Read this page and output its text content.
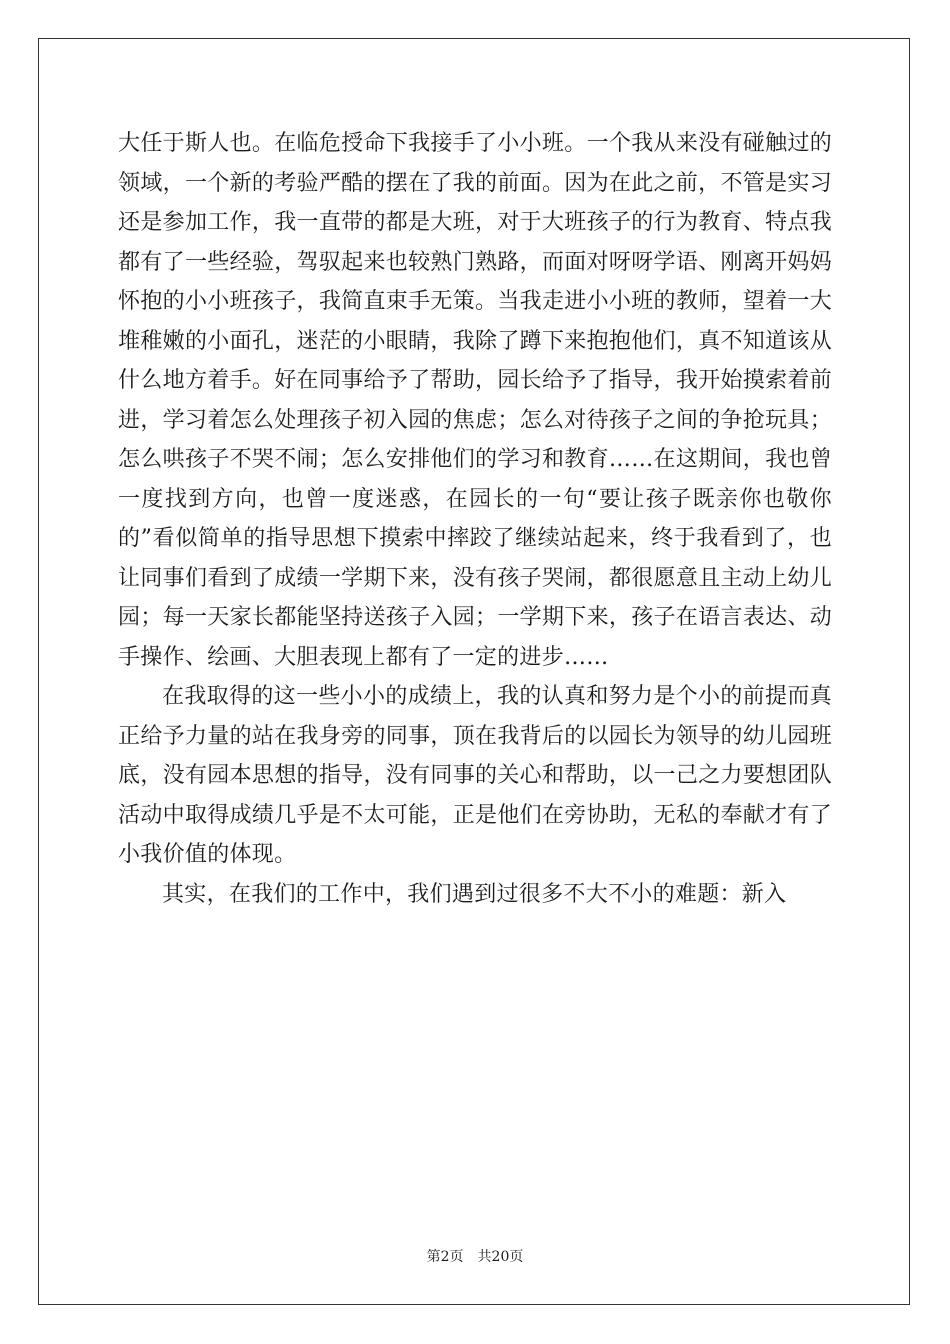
大任于斯人也。在临危授命下我接手了小小班。一个我从来没有碰触过的领域，一个新的考验严酷的摆在了我的前面。因为在此之前，不管是实习还是参加工作，我一直带的都是大班，对于大班孩子的行为教育、特点我都有了一些经验，驾驭起来也较熟门熟路，而面对呀呀学语、刚离开妈妈怀抱的小小班孩子，我简直束手无策。当我走进小小班的教师，望着一大堆稚嫩的小面孔，迷茫的小眼睛，我除了蹲下来抱抱他们，真不知道该从什么地方着手。好在同事给予了帮助，园长给予了指导，我开始摸索着前进，学习着怎么处理孩子初入园的焦虑；怎么对待孩子之间的争抢玩具；怎么哄孩子不哭不闹；怎么安排他们的学习和教育……在这期间，我也曾一度找到方向，也曾一度迷惑，在园长的一句“要让孩子既亲你也敬你的”看似简单的指导思想下摸索中摔跤了继续站起来，终于我看到了，也让同事们看到了成绩一学期下来，没有孩子哭闹，都很愿意且主动上幼儿园；每一天家长都能坚持送孩子入园；一学期下来，孩子在语言表达、动手操作、绘画、大胆表现上都有了一定的进步……

在我取得的这一些小小的成绩上，我的认真和努力是个小的前提而真正给予力量的站在我身旁的同事，顶在我背后的以园长为领导的幼儿园班底，没有园本思想的指导，没有同事的关心和帮助，以一己之力要想团队活动中取得成绩几乎是不太可能，正是他们在旁协助，无私的奉献才有了小我价值的体现。

其实，在我们的工作中，我们遇到过很多不大不小的难题：新入

第2页 共20页
